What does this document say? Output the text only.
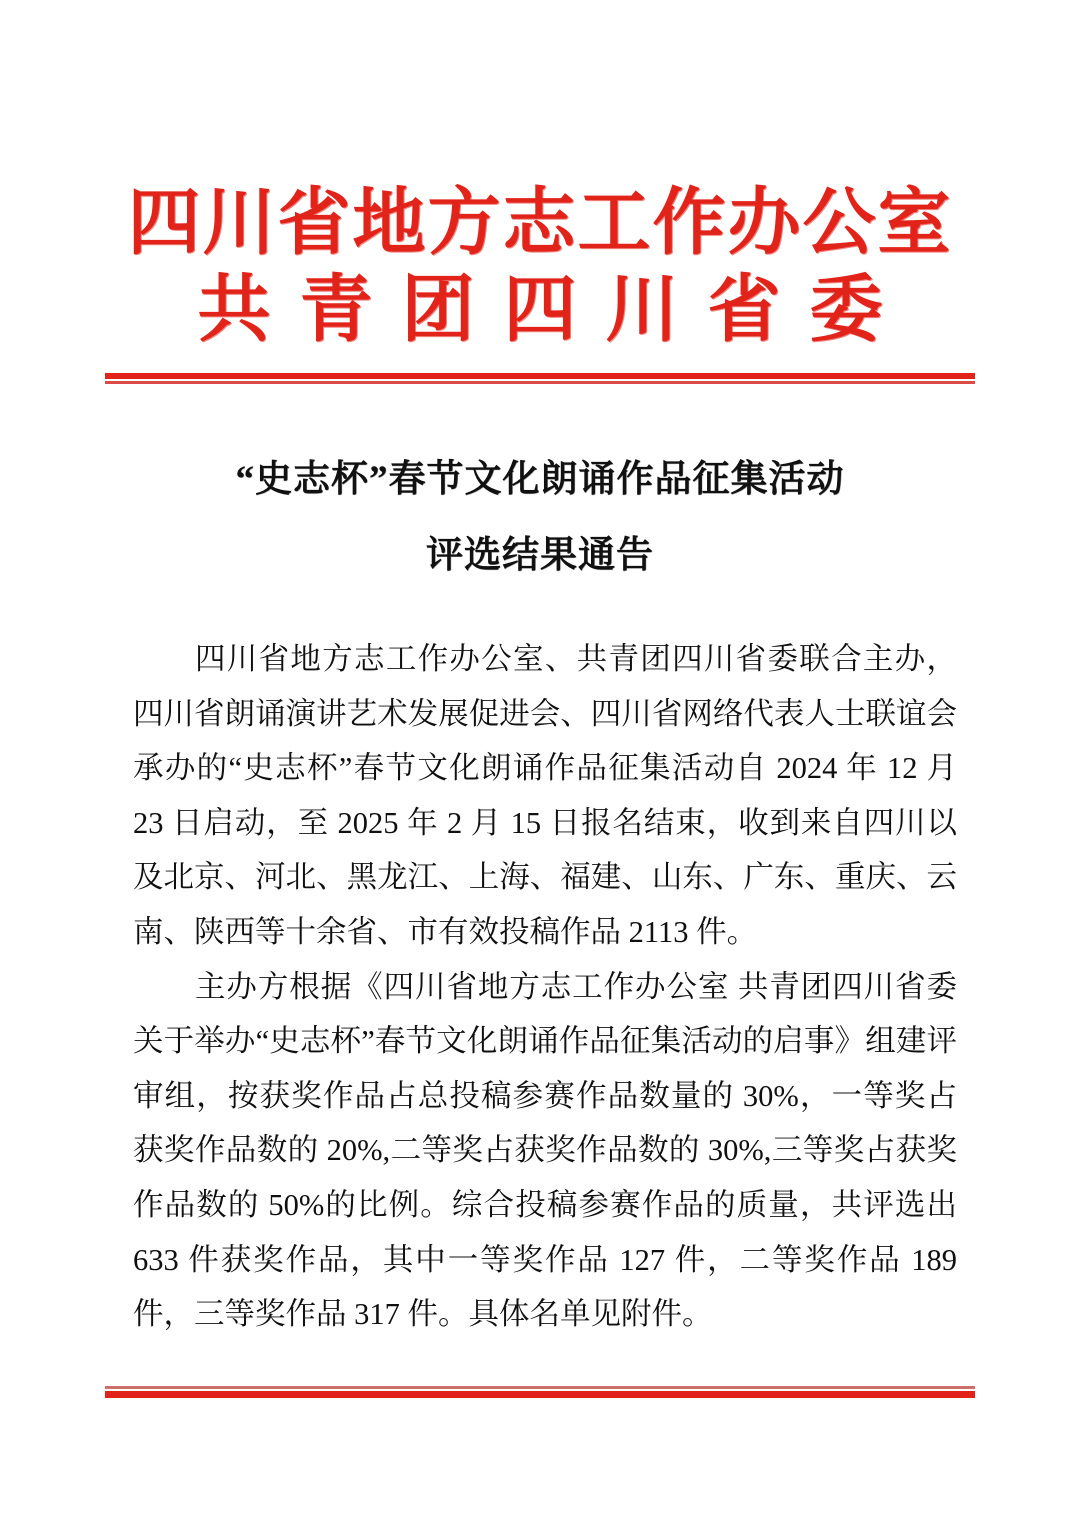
四川省地方志工作办公室
共青团四川省委
“史志杯”春节文化朗诵作品征集活动
评选结果通告

四川省地方志工作办公室、共青团四川省委联合主办，四川省朗诵演讲艺术发展促进会、四川省网络代表人士联谊会承办的“史志杯”春节文化朗诵作品征集活动自 2024 年 12 月 23 日启动，至 2025 年 2 月 15 日报名结束，收到来自四川以及北京、河北、黑龙江、上海、福建、山东、广东、重庆、云南、陕西等十余省、市有效投稿作品 2113 件。

主办方根据《四川省地方志工作办公室 共青团四川省委关于举办“史志杯”春节文化朗诵作品征集活动的启事》组建评审组，按获奖作品占总投稿参赛作品数量的 30%，一等奖占获奖作品数的 20%,二等奖占获奖作品数的 30%,三等奖占获奖作品数的 50%的比例。综合投稿参赛作品的质量，共评选出 633 件获奖作品，其中一等奖作品 127 件，二等奖作品 189 件，三等奖作品 317 件。具体名单见附件。
